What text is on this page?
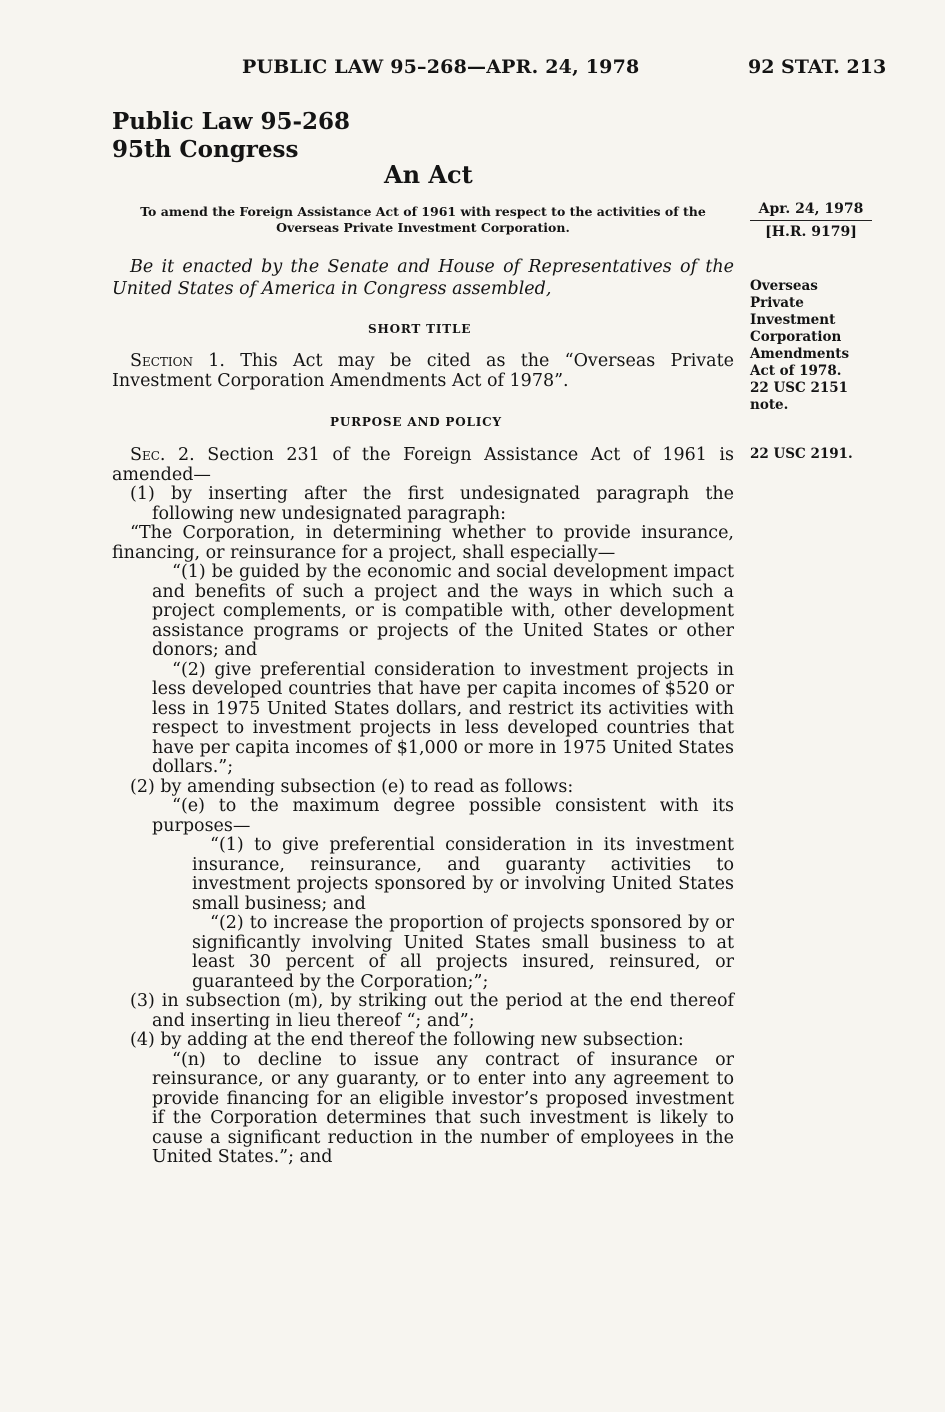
PUBLIC LAW 95–268—APR. 24, 1978	92 STAT. 213
Public Law 95-268
95th Congress
An Act
To amend the Foreign Assistance Act of 1961 with respect to the activities of the Overseas Private Investment Corporation.
Apr. 24, 1978
[H.R. 9179]
Be it enacted by the Senate and House of Representatives of the United States of America in Congress assembled,	Overseas Private Investment Corporation Amendments Act of 1978.
22 USC 2151 note.
SHORT TITLE

Section 1. This Act may be cited as the “Overseas Private Investment Corporation Amendments Act of 1978”.

PURPOSE AND POLICY
22 USC 2191.

Sec. 2. Section 231 of the Foreign Assistance Act of 1961 is amended—

(1) by inserting after the first undesignated paragraph the following new undesignated paragraph:

“The Corporation, in determining whether to provide insurance, financing, or reinsurance for a project, shall especially—

“(1) be guided by the economic and social development impact and benefits of such a project and the ways in which such a project complements, or is compatible with, other development assistance programs or projects of the United States or other donors; and

“(2) give preferential consideration to investment projects in less developed countries that have per capita incomes of $520 or less in 1975 United States dollars, and restrict its activities with respect to investment projects in less developed countries that have per capita incomes of $1,000 or more in 1975 United States dollars.”;

(2) by amending subsection (e) to read as follows:

“(e) to the maximum degree possible consistent with its purposes—

“(1) to give preferential consideration in its investment insurance, reinsurance, and guaranty activities to investment projects sponsored by or involving United States small business; and

“(2) to increase the proportion of projects sponsored by or significantly involving United States small business to at least 30 percent of all projects insured, reinsured, or guaranteed by the Corporation;”;

(3) in subsection (m), by striking out the period at the end thereof and inserting in lieu thereof “; and”;

(4) by adding at the end thereof the following new subsection:

“(n) to decline to issue any contract of insurance or reinsurance, or any guaranty, or to enter into any agreement to provide financing for an eligible investor’s proposed investment if the Corporation determines that such investment is likely to cause a significant reduction in the number of employees in the United States.”; and
